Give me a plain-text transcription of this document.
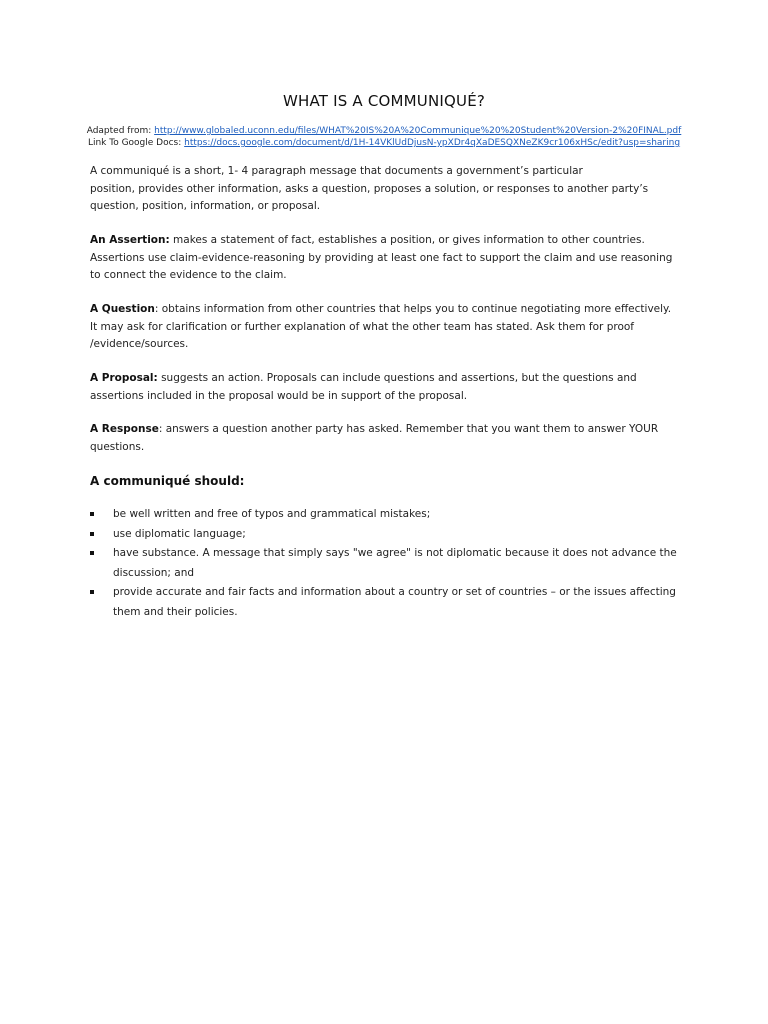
WHAT IS A COMMUNIQUÉ?
Adapted from: http://www.globaled.uconn.edu/files/WHAT%20IS%20A%20Communique%20%20Student%20Version-2%20FINAL.pdf
Link To Google Docs: https://docs.google.com/document/d/1H-14VKlUdDjusN-ypXDr4qXaDESQXNeZK9cr106xHSc/edit?usp=sharing
A communiqué is a short, 1- 4 paragraph message that documents a government’s particular
position, provides other information, asks a question, proposes a solution, or responses to another party’s question, position, information, or proposal.
An Assertion: makes a statement of fact, establishes a position, or gives information to other countries. Assertions use claim-evidence-reasoning by providing at least one fact to support the claim and use reasoning to connect the evidence to the claim.
A Question: obtains information from other countries that helps you to continue negotiating more effectively. It may ask for clarification or further explanation of what the other team has stated. Ask them for proof /evidence/sources.
A Proposal: suggests an action. Proposals can include questions and assertions, but the questions and assertions included in the proposal would be in support of the proposal.
A Response: answers a question another party has asked. Remember that you want them to answer YOUR questions.
A communiqué should:
be well written and free of typos and grammatical mistakes;
use diplomatic language;
have substance. A message that simply says "we agree" is not diplomatic because it does not advance the discussion; and
provide accurate and fair facts and information about a country or set of countries – or the issues affecting them and their policies.
